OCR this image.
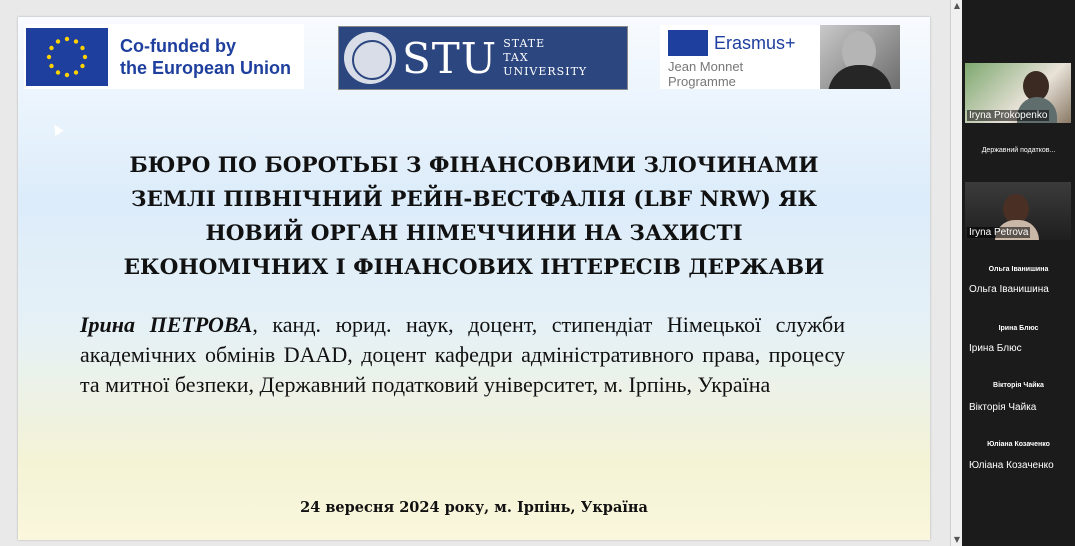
Co-funded by
the European Union	STU STATE
TAX
UNIVERSITY
Erasmus+
Jean Monnet
Programme
БЮРО ПО БОРОТЬБІ З ФІНАНСОВИМИ ЗЛОЧИНАМИ
ЗЕМЛІ ПІВНІЧНИЙ РЕЙН-ВЕСТФАЛІЯ (LBF NRW) ЯК
НОВИЙ ОРГАН НІМЕЧЧИНИ НА ЗАХИСТІ
ЕКОНОМІЧНИХ І ФІНАНСОВИХ ІНТЕРЕСІВ ДЕРЖАВИ
Ірина ПЕТРОВА, канд. юрид. наук, доцент, стипендіат Німецької служби академічних обмінів DAAD, доцент кафедри адміністративного права, процесу та митної безпеки, Державний податковий університет, м. Ірпінь, Україна
24 вересня 2024 року, м. Ірпінь, Україна
▲
▼
Iryna Prokopenko
Державний податков...
Iryna Petrova
Ольга Іванишина
Ольга Іванишина
Ірина Блюс
Ірина Блюс
Вікторія Чайка
Вікторія Чайка
Юліана Козаченко
Юліана Козаченко
